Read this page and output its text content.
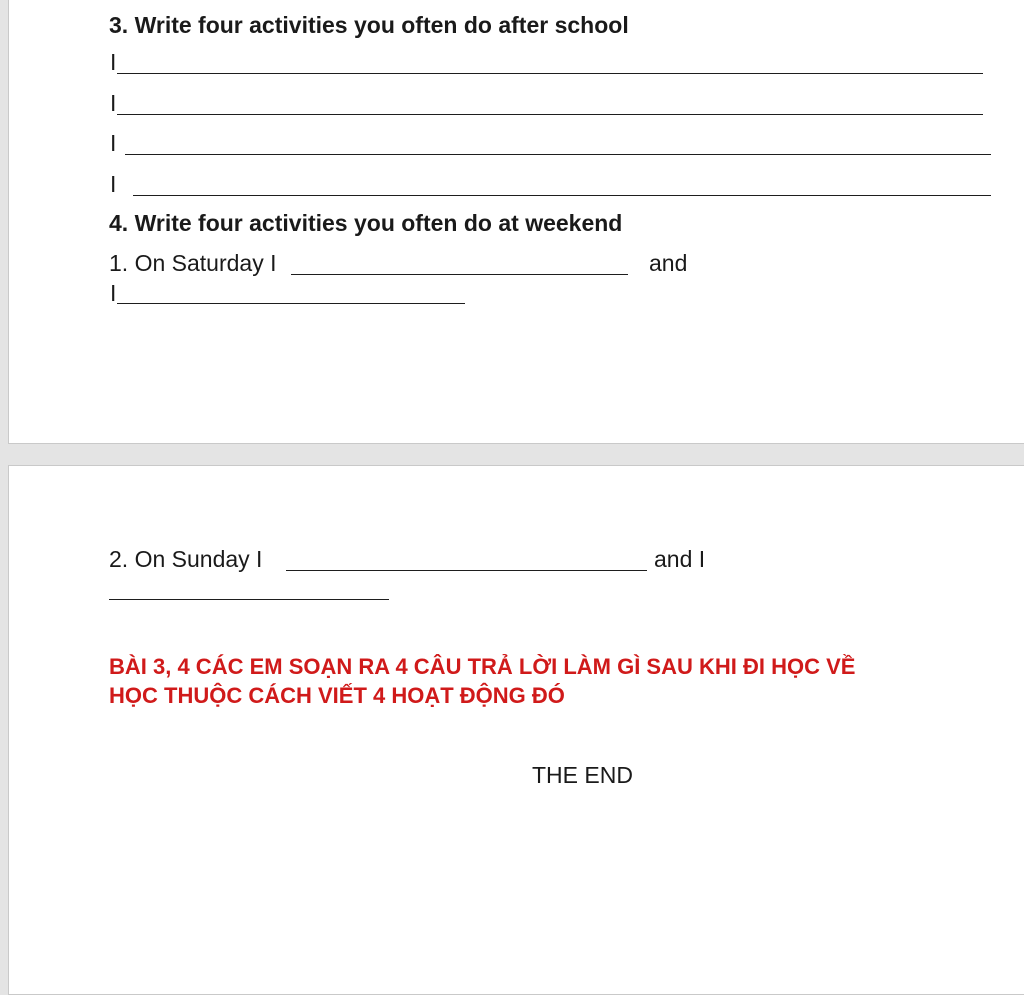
3. Write four activities you often do after school
I
I
I
I
4. Write four activities you often do at weekend
1. On Saturday I	and
I
2. On Sunday I	and I
BÀI 3, 4 CÁC EM SOẠN RA 4 CÂU TRẢ LỜI LÀM GÌ SAU KHI ĐI HỌC VỀ
HỌC THUỘC CÁCH VIẾT 4 HOẠT ĐỘNG ĐÓ
THE END
